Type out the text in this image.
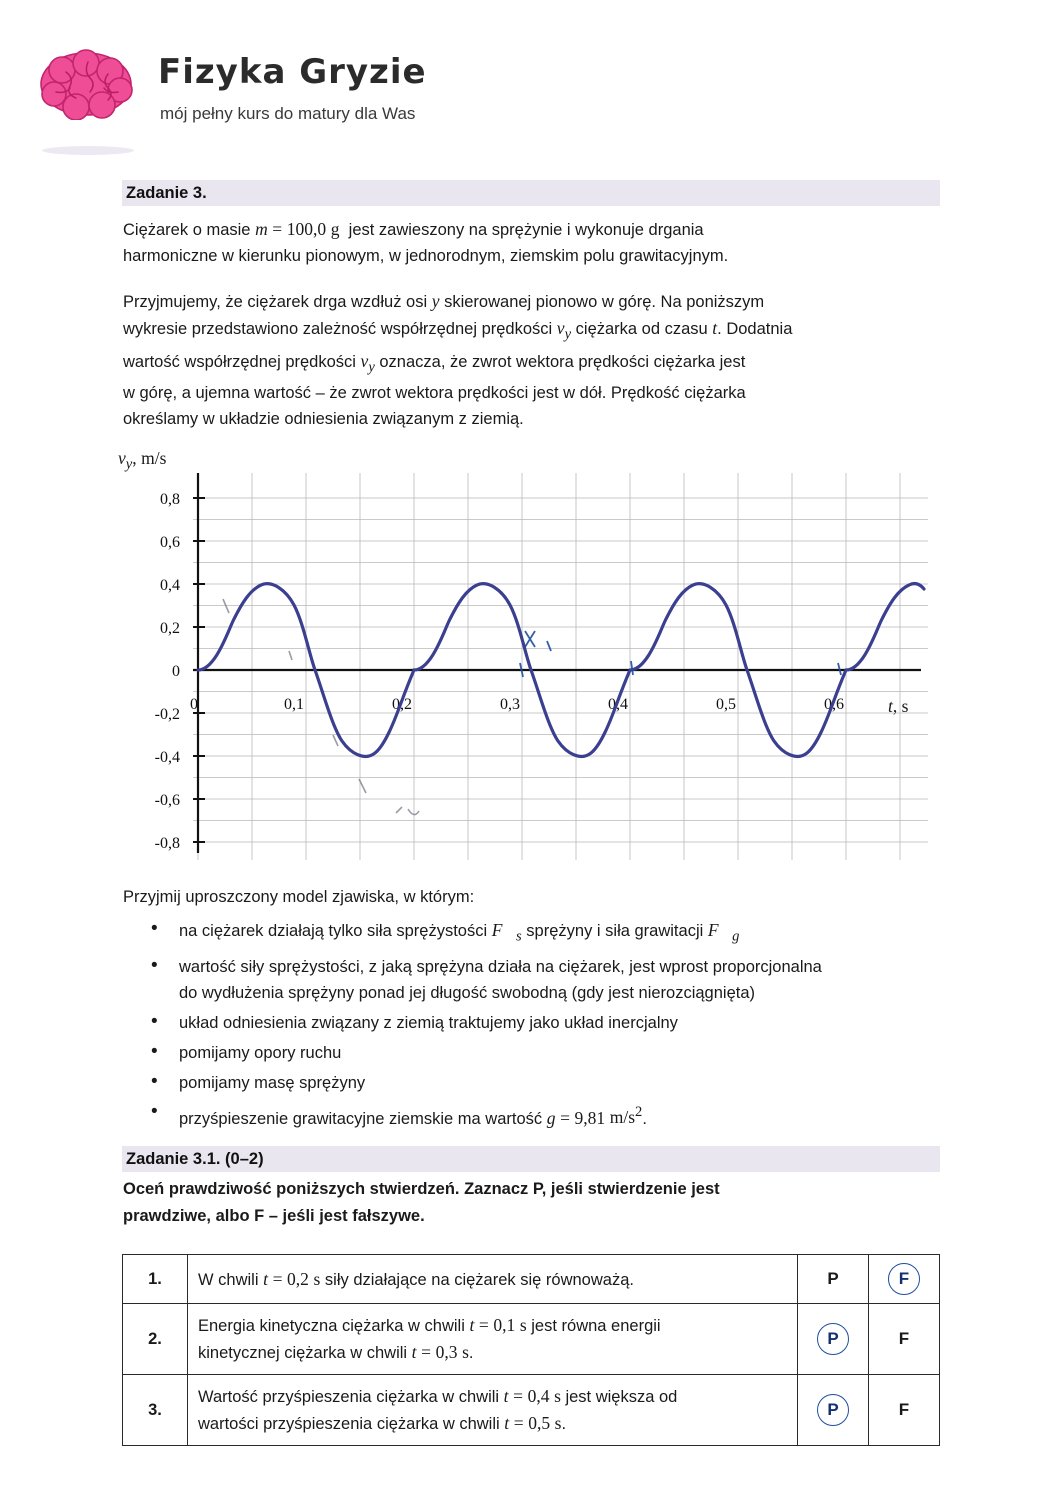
Fizyka Gryzie
mój pełny kurs do matury dla Was
Zadanie 3.
Ciężarek o masie m = 100,0 g  jest zawieszony na sprężynie i wykonuje drgania
harmoniczne w kierunku pionowym, w jednorodnym, ziemskim polu grawitacyjnym.
Przyjmujemy, że ciężarek drga wzdłuż osi y skierowanej pionowo w górę. Na poniższym
wykresie przedstawiono zależność współrzędnej prędkości $v_y$ ciężarka od czasu t. Dodatnia
wartość współrzędnej prędkości $v_y$ oznacza, że zwrot wektora prędkości ciężarka jest
w górę, a ujemna wartość – że zwrot wektora prędkości jest w dół. Prędkość ciężarka
określamy w układzie odniesienia związanym z ziemią.
$v_y$, m/s
t, s
0,8
0,6
0,4
0,2
0
-0,2
-0,4
-0,6
-0,8
0	0,1	0,2	0,3	0,4	0,5	0,6
Przyjmij uproszczony model zjawiska, w którym:
• na ciężarek działają tylko siła sprężystości $F⃗_s$ sprężyny i siła grawitacji $F⃗_g$
• wartość siły sprężystości, z jaką sprężyna działa na ciężarek, jest wprost proporcjonalna
do wydłużenia sprężyny ponad jej długość swobodną (gdy jest nierozciągnięta)
• układ odniesienia związany z ziemią traktujemy jako układ inercjalny
• pomijamy opory ruchu
• pomijamy masę sprężyny
• przyśpieszenie grawitacyjne ziemskie ma wartość g = 9,81 $m/s^2$.
Zadanie 3.1. (0–2)
Oceń prawdziwość poniższych stwierdzeń. Zaznacz P, jeśli stwierdzenie jest
prawdziwe, albo F – jeśli jest fałszywe.
1.	W chwili t = 0,2 s siły działające na ciężarek się równoważą.	P	F
2.	Energia kinetyczna ciężarka w chwili t = 0,1 s jest równa energii
kinetycznej ciężarka w chwili t = 0,3 s.	P	F
3.	Wartość przyśpieszenia ciężarka w chwili t = 0,4 s jest większa od
wartości przyśpieszenia ciężarka w chwili t = 0,5 s.	P	F
